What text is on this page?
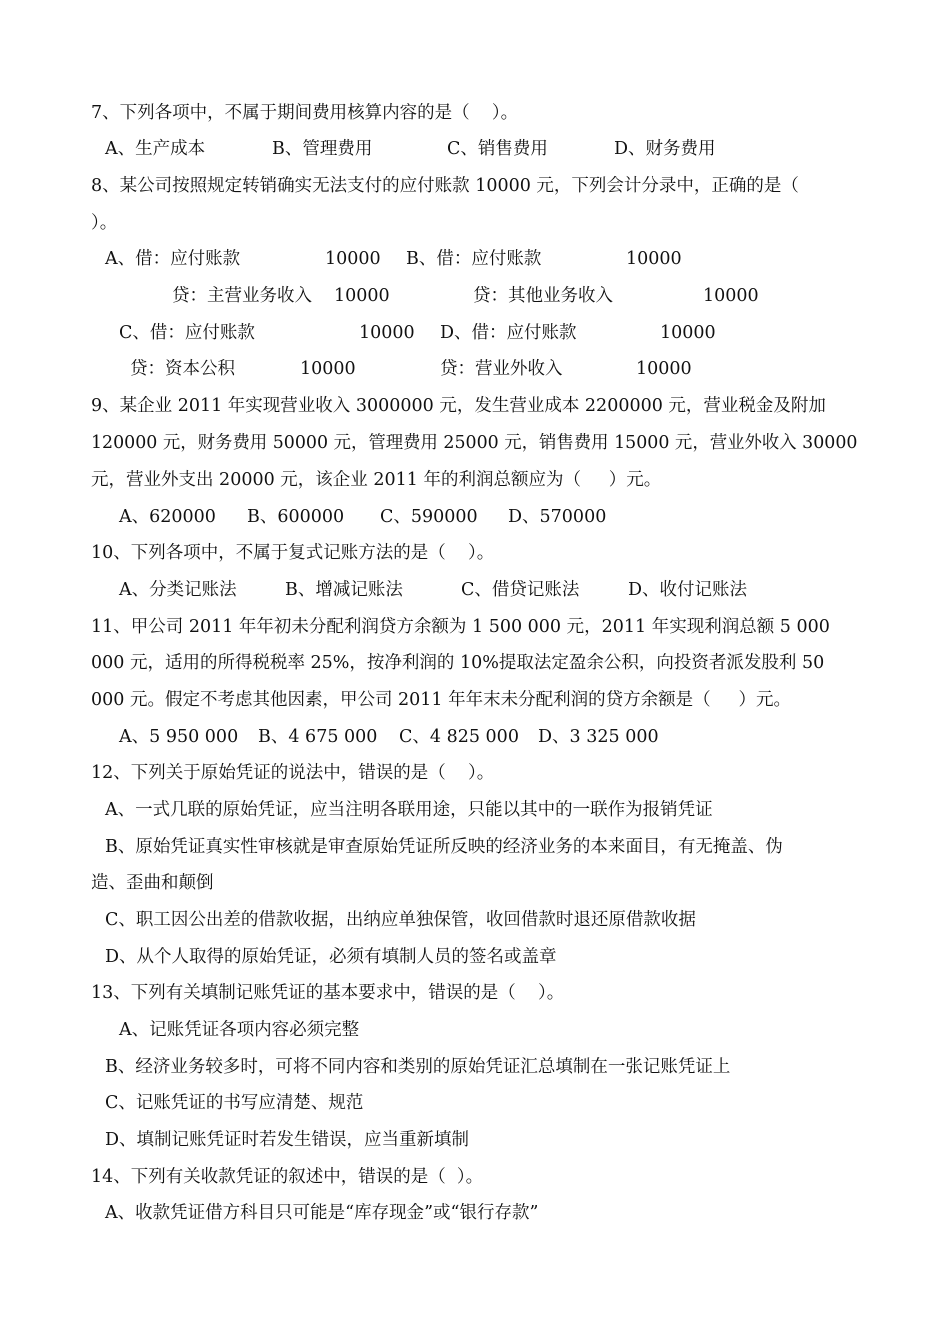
7、下列各项中，不属于期间费用核算内容的是（    ）。
A、生产成本	B、管理费用	C、销售费用	D、财务费用
8、某公司按照规定转销确实无法支付的应付账款 10000 元，下列会计分录中，正确的是（
）。
A、借：应付账款	10000 B、借：应付账款	10000
贷：主营业务收入 10000	贷：其他业务收入	10000
C、借：应付账款	10000 D、借：应付账款	10000
贷：资本公积	10000	贷：营业外收入	10000
9、某企业 2011 年实现营业收入 3000000 元，发生营业成本 2200000 元，营业税金及附加
120000 元，财务费用 50000 元，管理费用 25000 元，销售费用 15000 元，营业外收入 30000
元，营业外支出 20000 元，该企业 2011 年的利润总额应为（     ）元。
A、620000 B、600000 C、590000 D、570000
10、下列各项中，不属于复式记账方法的是（    ）。
A、分类记账法	B、增减记账法	C、借贷记账法	D、收付记账法
11、甲公司 2011 年年初未分配利润贷方余额为 1 500 000 元，2011 年实现利润总额 5 000
000 元，适用的所得税税率 25%，按净利润的 10%提取法定盈余公积，向投资者派发股利 50
000 元。假定不考虑其他因素，甲公司 2011 年年末未分配利润的贷方余额是（     ）元。
A、5 950 000 B、4 675 000 C、4 825 000 D、3 325 000
12、下列关于原始凭证的说法中，错误的是（    ）。
A、一式几联的原始凭证，应当注明各联用途，只能以其中的一联作为报销凭证
B、原始凭证真实性审核就是审查原始凭证所反映的经济业务的本来面目，有无掩盖、伪
造、歪曲和颠倒
C、职工因公出差的借款收据，出纳应单独保管，收回借款时退还原借款收据
D、从个人取得的原始凭证，必须有填制人员的签名或盖章
13、下列有关填制记账凭证的基本要求中，错误的是（    ）。
A、记账凭证各项内容必须完整
B、经济业务较多时，可将不同内容和类别的原始凭证汇总填制在一张记账凭证上
C、记账凭证的书写应清楚、规范
D、填制记账凭证时若发生错误，应当重新填制
14、下列有关收款凭证的叙述中，错误的是（  ）。
A、收款凭证借方科目只可能是“库存现金”或“银行存款”
